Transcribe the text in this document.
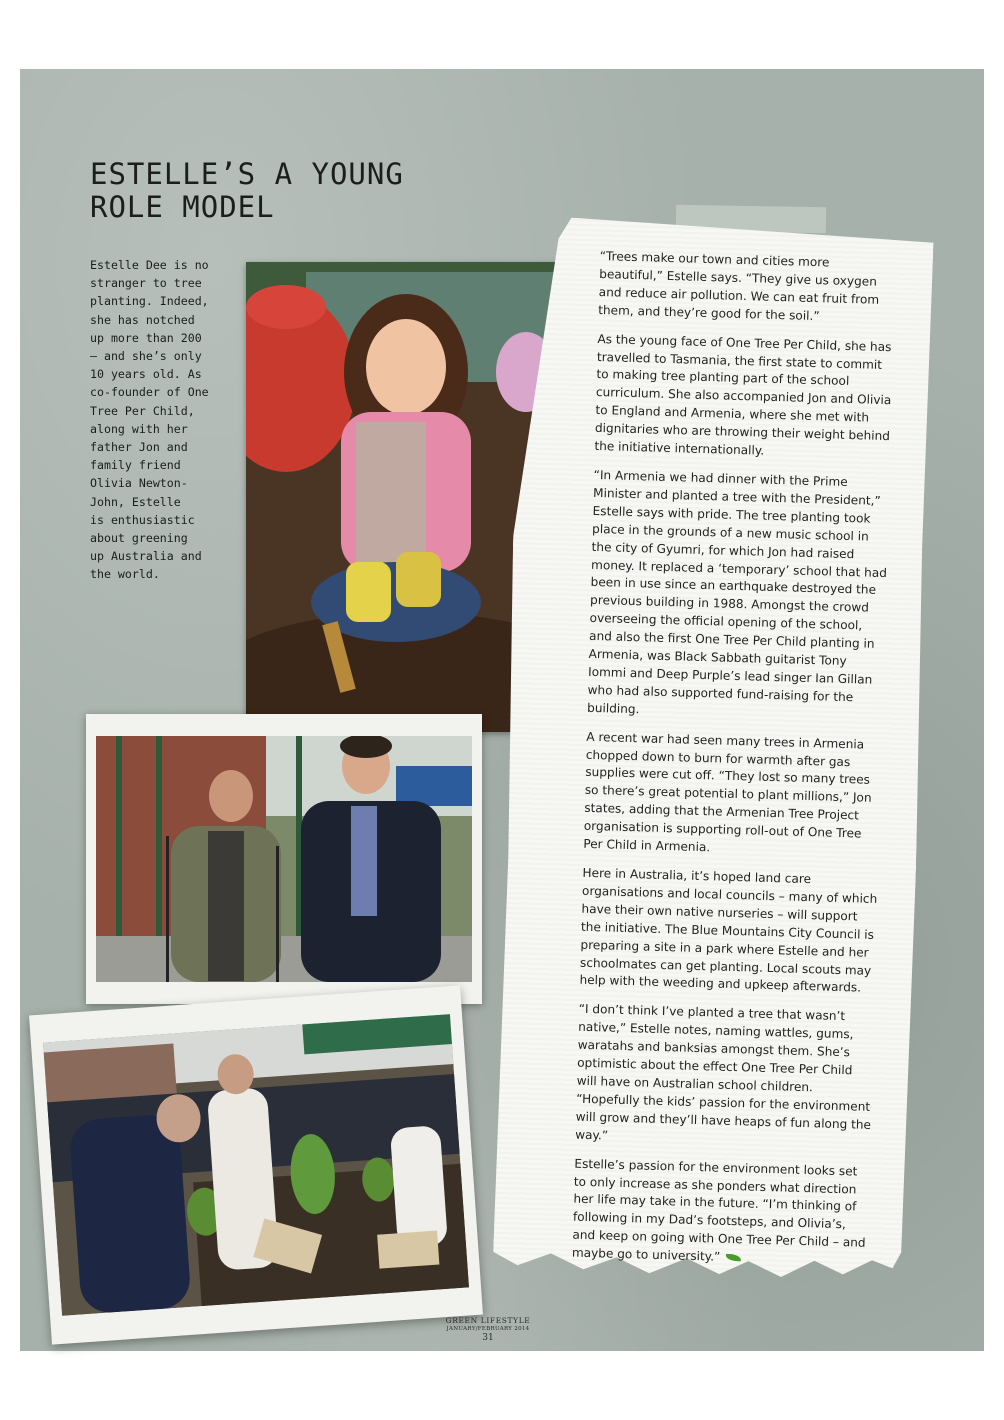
ESTELLE’S A YOUNG
ROLE MODEL

Estelle Dee is no
stranger to tree
planting. Indeed,
she has notched
up more than 200
– and she’s only
10 years old. As
co-founder of One
Tree Per Child,
along with her
father Jon and
family friend
Olivia Newton-
John, Estelle
is enthusiastic
about greening
up Australia and
the world.

“Trees make our town and cities more beautiful,” Estelle says. “They give us oxygen and reduce air pollution. We can eat fruit from them, and they’re good for the soil.”

As the young face of One Tree Per Child, she has travelled to Tasmania, the first state to commit to making tree planting part of the school curriculum. She also accompanied Jon and Olivia to England and Armenia, where she met with dignitaries who are throwing their weight behind the initiative internationally.

“In Armenia we had dinner with the Prime Minister and planted a tree with the President,” Estelle says with pride. The tree planting took place in the grounds of a new music school in the city of Gyumri, for which Jon had raised money. It replaced a ‘temporary’ school that had been in use since an earthquake destroyed the previous building in 1988. Amongst the crowd overseeing the official opening of the school, and also the first One Tree Per Child planting in Armenia, was Black Sabbath guitarist Tony Iommi and Deep Purple’s lead singer Ian Gillan who had also supported fund-raising for the building.

A recent war had seen many trees in Armenia chopped down to burn for warmth after gas supplies were cut off. “They lost so many trees so there’s great potential to plant millions,” Jon states, adding that the Armenian Tree Project organisation is supporting roll-out of One Tree Per Child in Armenia.

Here in Australia, it’s hoped land care organisations and local councils – many of which have their own native nurseries – will support the initiative. The Blue Mountains City Council is preparing a site in a park where Estelle and her schoolmates can get planting. Local scouts may help with the weeding and upkeep afterwards.

“I don’t think I’ve planted a tree that wasn’t native,” Estelle notes, naming wattles, gums, waratahs and banksias amongst them. She’s optimistic about the effect One Tree Per Child will have on Australian school children. “Hopefully the kids’ passion for the environment will grow and they’ll have heaps of fun along the way.”

Estelle’s passion for the environment looks set to only increase as she ponders what direction her life may take in the future. “I’m thinking of following in my Dad’s footsteps, and Olivia’s, and keep on going with One Tree Per Child – and maybe go to university.”

GREEN LIFESTYLE
JANUARY/FEBRUARY 2014
31
